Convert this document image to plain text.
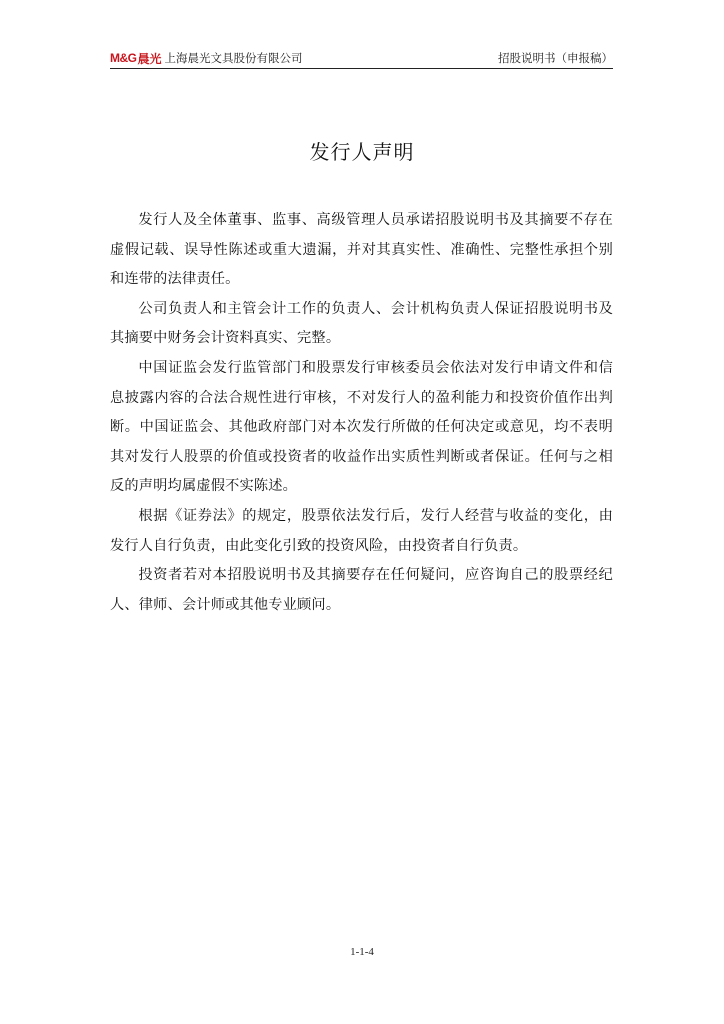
M&G 晨光 上海晨光文具股份有限公司	招股说明书（申报稿）
发行人声明

发行人及全体董事、监事、高级管理人员承诺招股说明书及其摘要不存在虚假记载、误导性陈述或重大遗漏，并对其真实性、准确性、完整性承担个别和连带的法律责任。

公司负责人和主管会计工作的负责人、会计机构负责人保证招股说明书及其摘要中财务会计资料真实、完整。

中国证监会发行监管部门和股票发行审核委员会依法对发行申请文件和信息披露内容的合法合规性进行审核，不对发行人的盈利能力和投资价值作出判断。中国证监会、其他政府部门对本次发行所做的任何决定或意见，均不表明其对发行人股票的价值或投资者的收益作出实质性判断或者保证。任何与之相反的声明均属虚假不实陈述。

根据《证券法》的规定，股票依法发行后，发行人经营与收益的变化，由发行人自行负责，由此变化引致的投资风险，由投资者自行负责。

投资者若对本招股说明书及其摘要存在任何疑问，应咨询自己的股票经纪人、律师、会计师或其他专业顾问。

1-1-4
